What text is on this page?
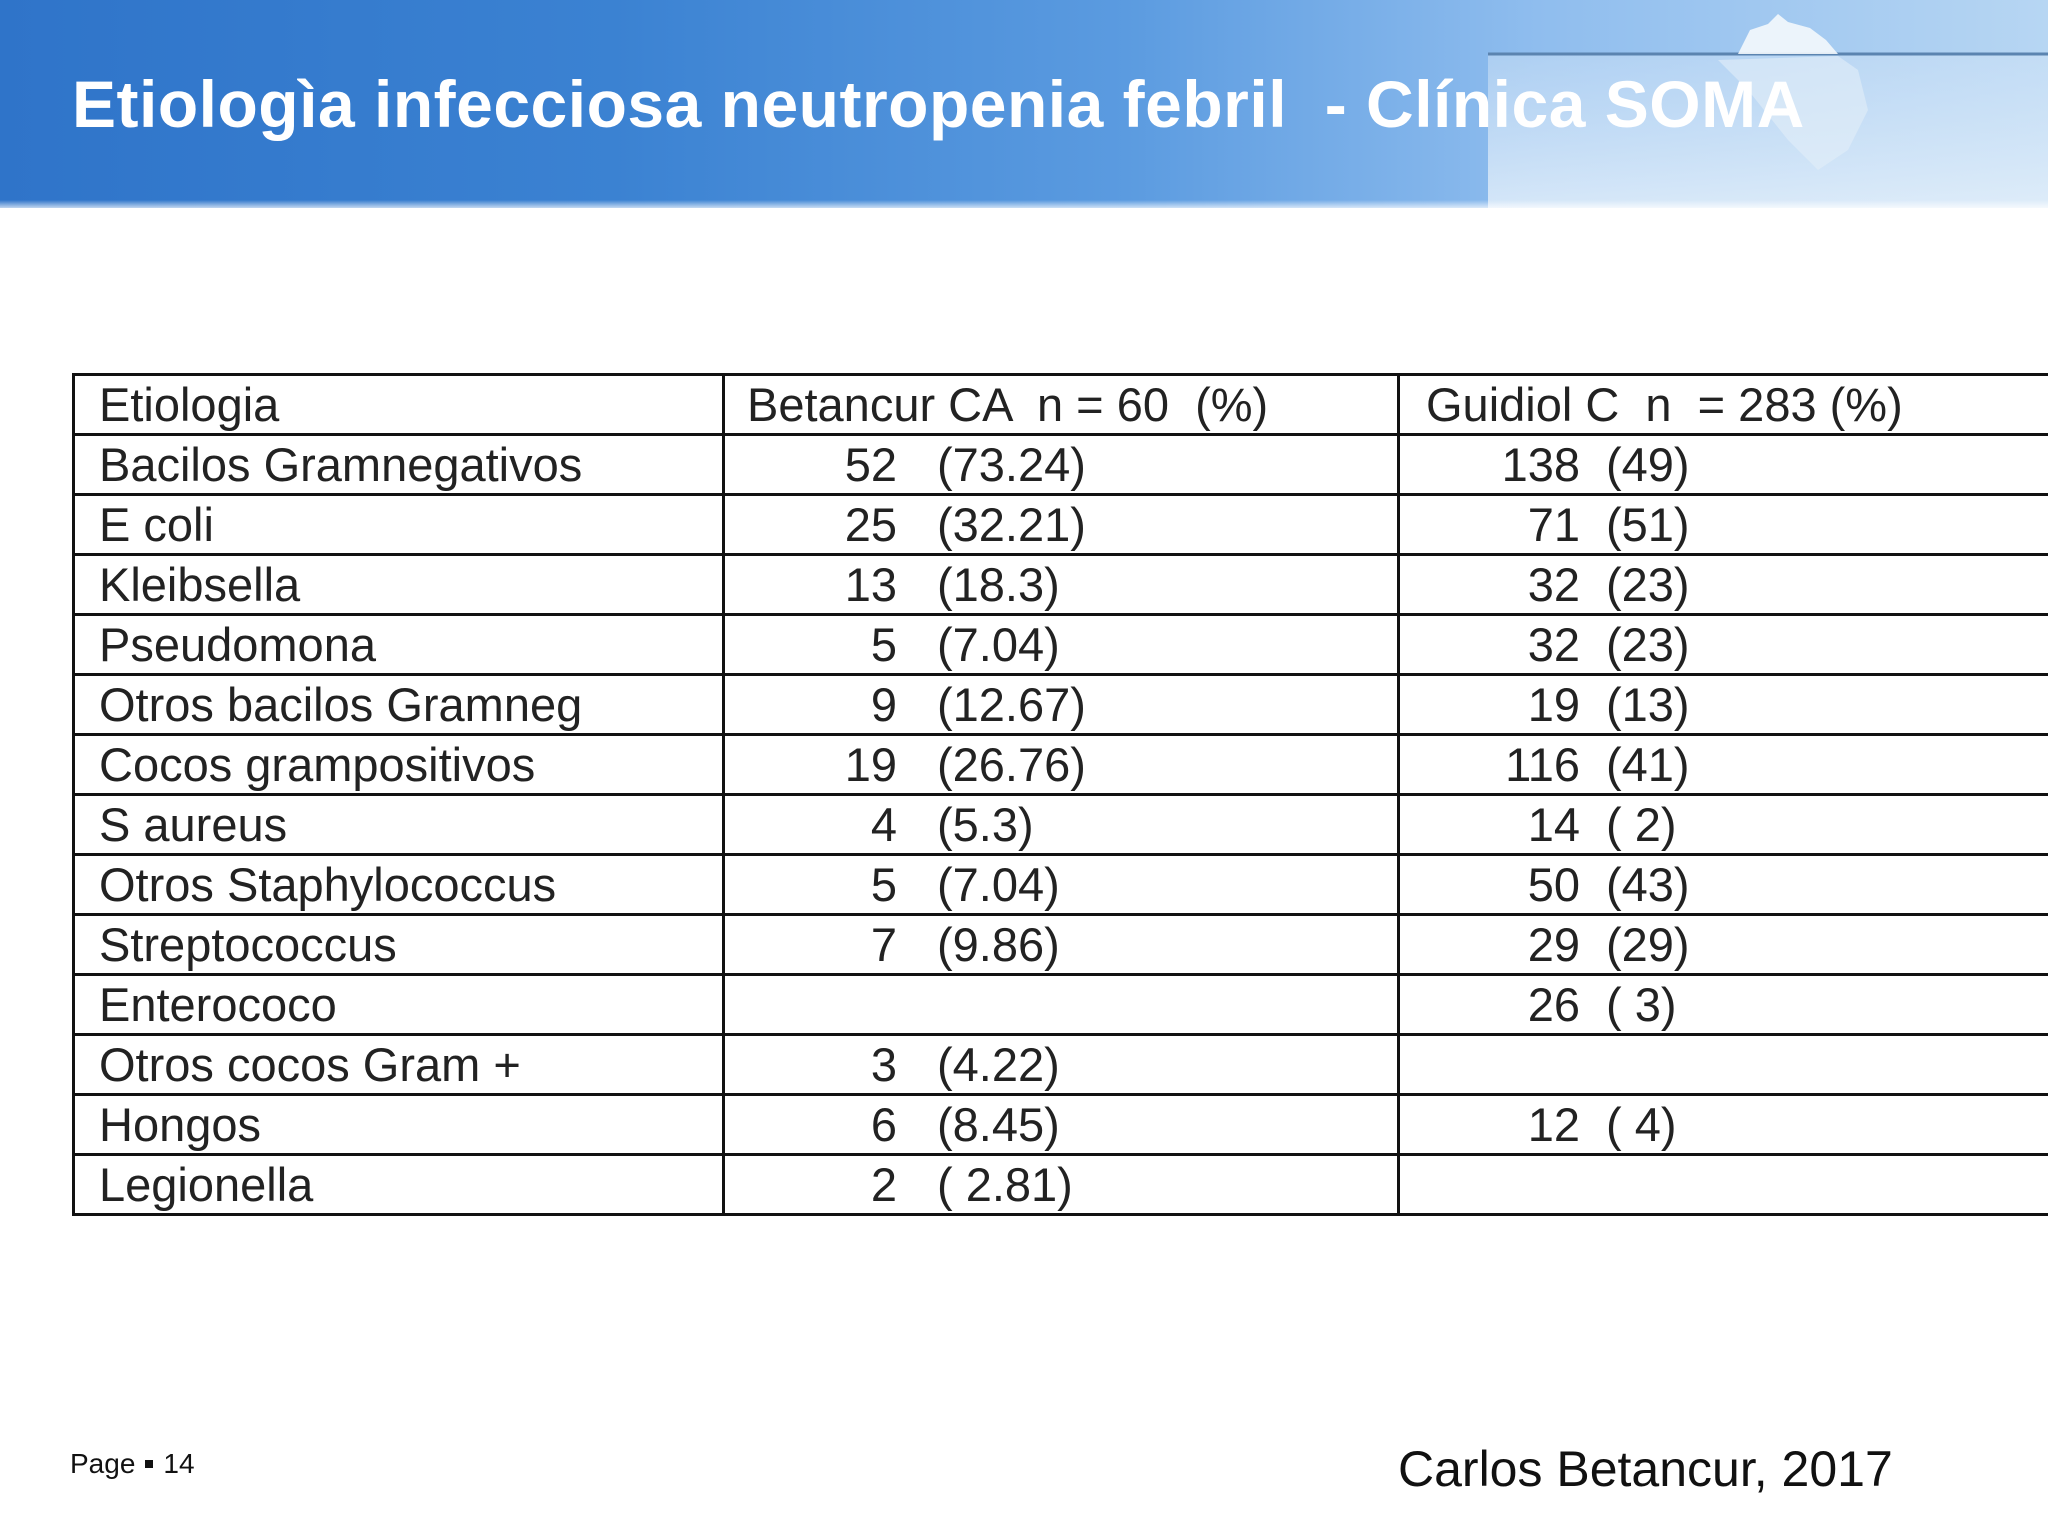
Etiologìa infecciosa neutropenia febril  - Clínica SOMA
Etiologia	Betancur CA  n = 60  (%)	Guidiol C  n  = 283 (%)
Bacilos Gramnegativos	52 (73.24)	138 (49)
E coli	25 (32.21)	71 (51)
Kleibsella	13 (18.3)	32 (23)
Pseudomona	5 (7.04)	32 (23)
Otros bacilos Gramneg	9 (12.67)	19 (13)
Cocos grampositivos	19 (26.76)	116 (41)
S aureus	4 (5.3)	14 ( 2)
Otros Staphylococcus	5 (7.04)	50 (43)
Streptococcus	7 (9.86)	29 (29)
Enterococo		26 ( 3)
Otros cocos Gram +	3 (4.22)	
Hongos	6 (8.45)	12 ( 4)
Legionella	2 ( 2.81)	
Page 14	Carlos Betancur, 2017
